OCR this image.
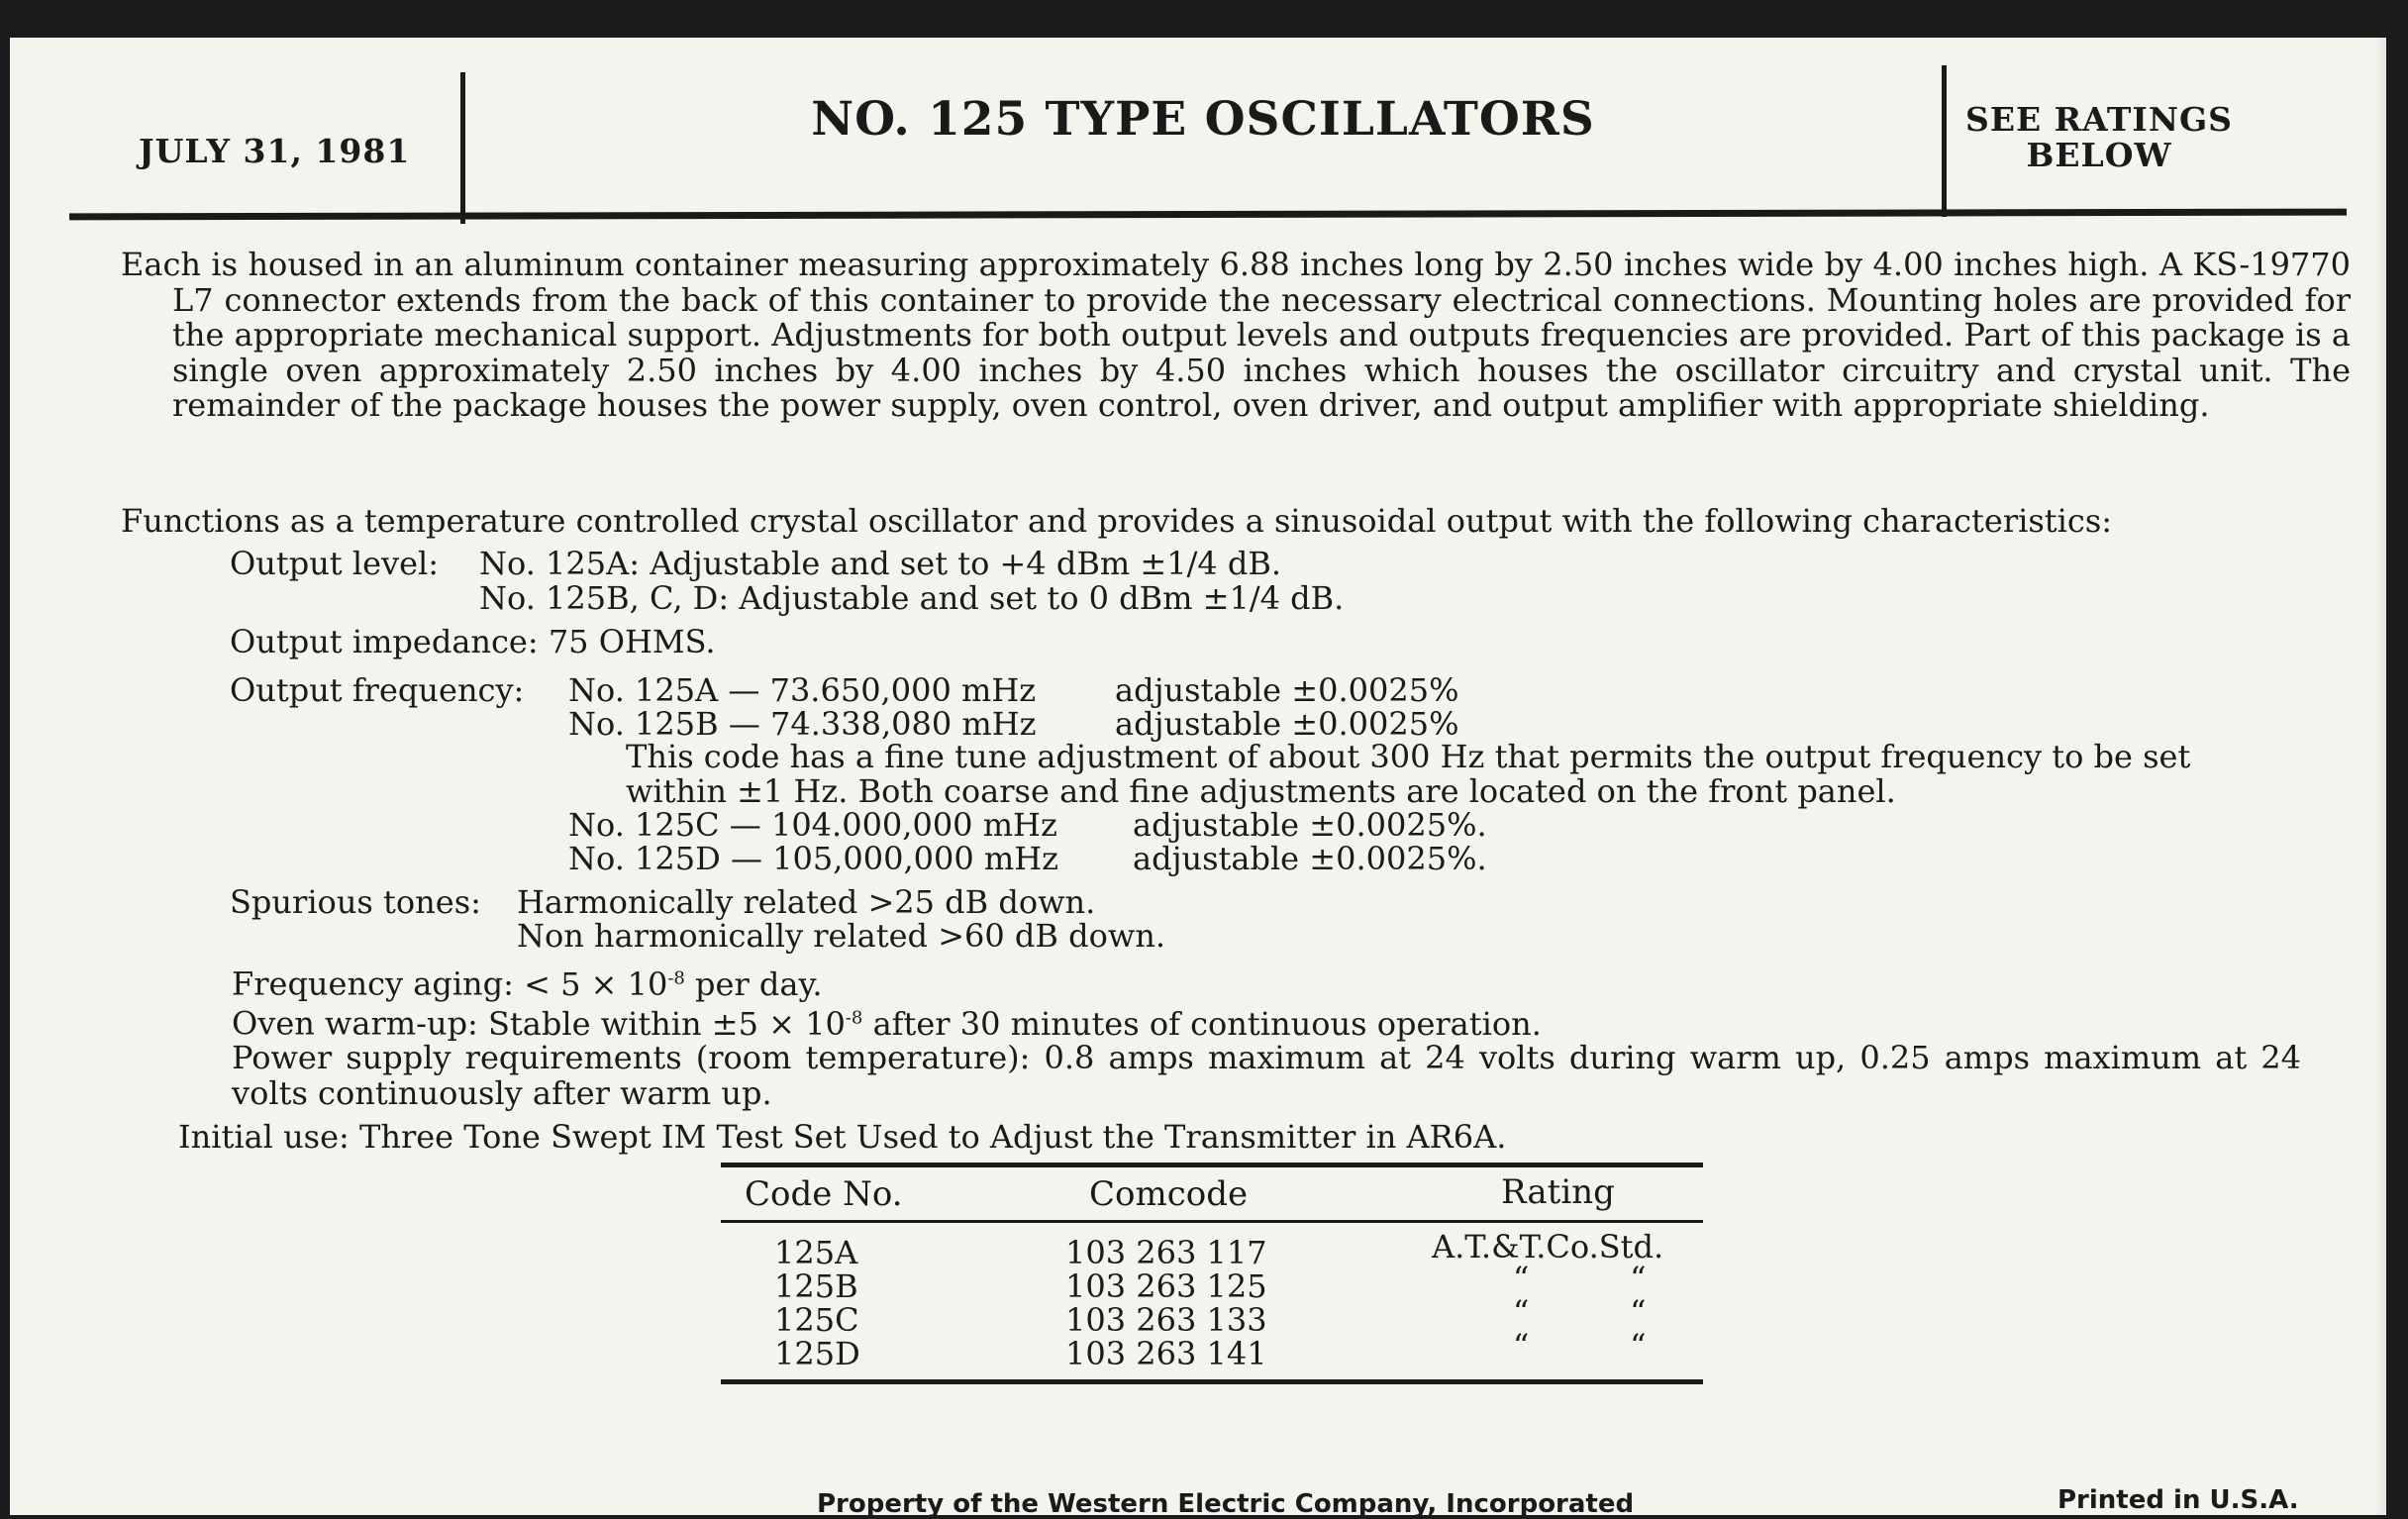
JULY 31, 1981
NO. 125 TYPE OSCILLATORS	SEE RATINGS
BELOW
Each is housed in an aluminum container measuring approximately 6.88 inches long by 2.50 inches wide by 4.00 inches high. A KS-19770 L7 connector extends from the back of this container to provide the necessary electrical connections. Mounting holes are provided for the appropriate mechanical support. Adjustments for both output levels and outputs frequencies are provided. Part of this package is a single oven approximately 2.50 inches by 4.00 inches by 4.50 inches which houses the oscillator circuitry and crystal unit. The remainder of the package houses the power supply, oven control, oven driver, and output amplifier with appropriate shielding.
Functions as a temperature controlled crystal oscillator and provides a sinusoidal output with the following characteristics:
Output level: No. 125A: Adjustable and set to +4 dBm ±1/4 dB.
No. 125B, C, D: Adjustable and set to 0 dBm ±1/4 dB.
Output impedance: 75 OHMS.
Output frequency: No. 125A — 73.650,000 mHz adjustable ±0.0025%
No. 125B — 74.338,080 mHz adjustable ±0.0025%
This code has a fine tune adjustment of about 300 Hz that permits the output frequency to be set
within ±1 Hz. Both coarse and fine adjustments are located on the front panel.
No. 125C — 104.000,000 mHz adjustable ±0.0025%.
No. 125D — 105,000,000 mHz adjustable ±0.0025%.
Spurious tones: Harmonically related >25 dB down.
Non harmonically related >60 dB down.
Frequency aging: < $5 \times 10^{-8}$ per day.
Oven warm-up: Stable within $\pm 5 \times 10^{-8}$ after 30 minutes of continuous operation.
Power supply requirements (room temperature): 0.8 amps maximum at 24 volts during warm up, 0.25 amps maximum at 24 volts continuously after warm up.
Initial use: Three Tone Swept IM Test Set Used to Adjust the Transmitter in AR6A.
Code No.	Comcode	Rating
125A	103 263 117	A.T.&T.Co.Std.
125B	103 263 125	“          “
125C	103 263 133	“          “
125D	103 263 141	“          “
Property of the Western Electric Company, Incorporated	Printed in U.S.A.
